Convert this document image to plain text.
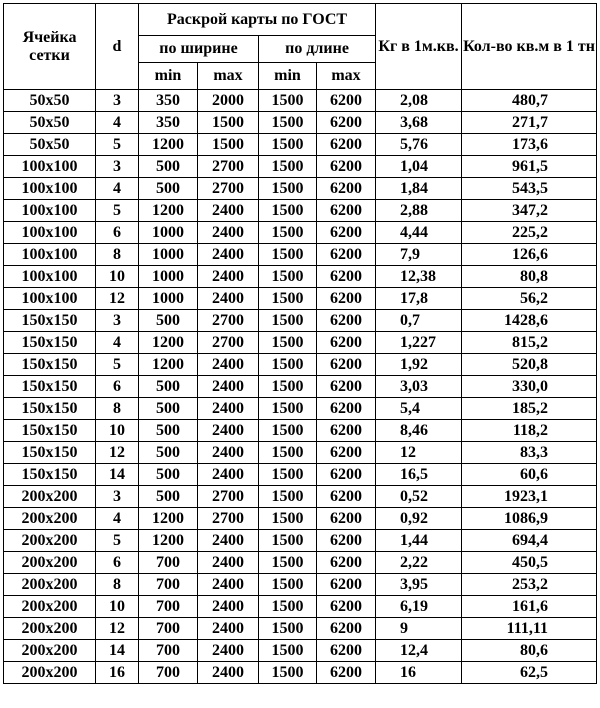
Ячейка сетки	d	Раскрой карты по ГОСТ				Кг в 1м.кв.	Кол-во кв.м в 1 тн
		по ширине		по длине			
		min	max	min	max		
50x50	3	350	2000	1500	6200	2,08	480,7
50x50	4	350	1500	1500	6200	3,68	271,7
50x50	5	1200	1500	1500	6200	5,76	173,6
100x100	3	500	2700	1500	6200	1,04	961,5
100x100	4	500	2700	1500	6200	1,84	543,5
100x100	5	1200	2400	1500	6200	2,88	347,2
100x100	6	1000	2400	1500	6200	4,44	225,2
100x100	8	1000	2400	1500	6200	7,9	126,6
100x100	10	1000	2400	1500	6200	12,38	80,8
100x100	12	1000	2400	1500	6200	17,8	56,2
150x150	3	500	2700	1500	6200	0,7	1428,6
150x150	4	1200	2700	1500	6200	1,227	815,2
150x150	5	1200	2400	1500	6200	1,92	520,8
150x150	6	500	2400	1500	6200	3,03	330,0
150x150	8	500	2400	1500	6200	5,4	185,2
150x150	10	500	2400	1500	6200	8,46	118,2
150x150	12	500	2400	1500	6200	12	83,3
150x150	14	500	2400	1500	6200	16,5	60,6
200x200	3	500	2700	1500	6200	0,52	1923,1
200x200	4	1200	2700	1500	6200	0,92	1086,9
200x200	5	1200	2400	1500	6200	1,44	694,4
200x200	6	700	2400	1500	6200	2,22	450,5
200x200	8	700	2400	1500	6200	3,95	253,2
200x200	10	700	2400	1500	6200	6,19	161,6
200x200	12	700	2400	1500	6200	9	111,11
200x200	14	700	2400	1500	6200	12,4	80,6
200x200	16	700	2400	1500	6200	16	62,5
